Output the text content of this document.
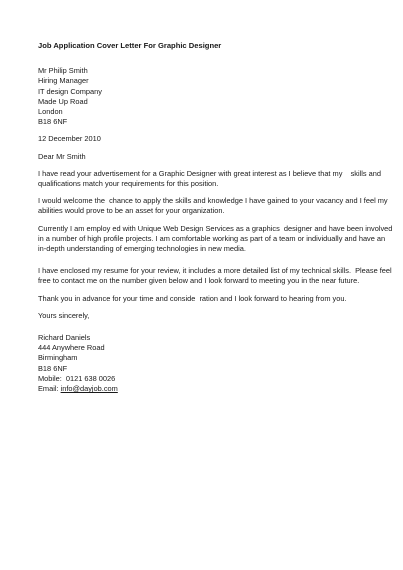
Job Application Cover Letter For Graphic Designer
Mr Philip Smith
Hiring Manager
IT design Company
Made Up Road
London
B18 6NF
12 December 2010
Dear Mr Smith
I have read your advertisement for a Graphic Designer with great interest as I believe that my    skills and
qualifications match your requirements for this position.
I would welcome the  chance to apply the skills and knowledge I have gained to your vacancy and I feel my
abilities would prove to be an asset for your organization.
Currently I am employ ed with Unique Web Design Services as a graphics  designer and have been involved
in a number of high profile projects. I am comfortable working as part of a team or individually and have an
in-depth understanding of emerging technologies in new media.
I have enclosed my resume for your review, it includes a more detailed list of my technical skills.  Please feel
free to contact me on the number given below and I look forward to meeting you in the near future.
Thank you in advance for your time and conside  ration and I look forward to hearing from you.
Yours sincerely,
Richard Daniels
444 Anywhere Road
Birmingham
B18 6NF
Mobile:  0121 638 0026
Email: info@dayjob.com
